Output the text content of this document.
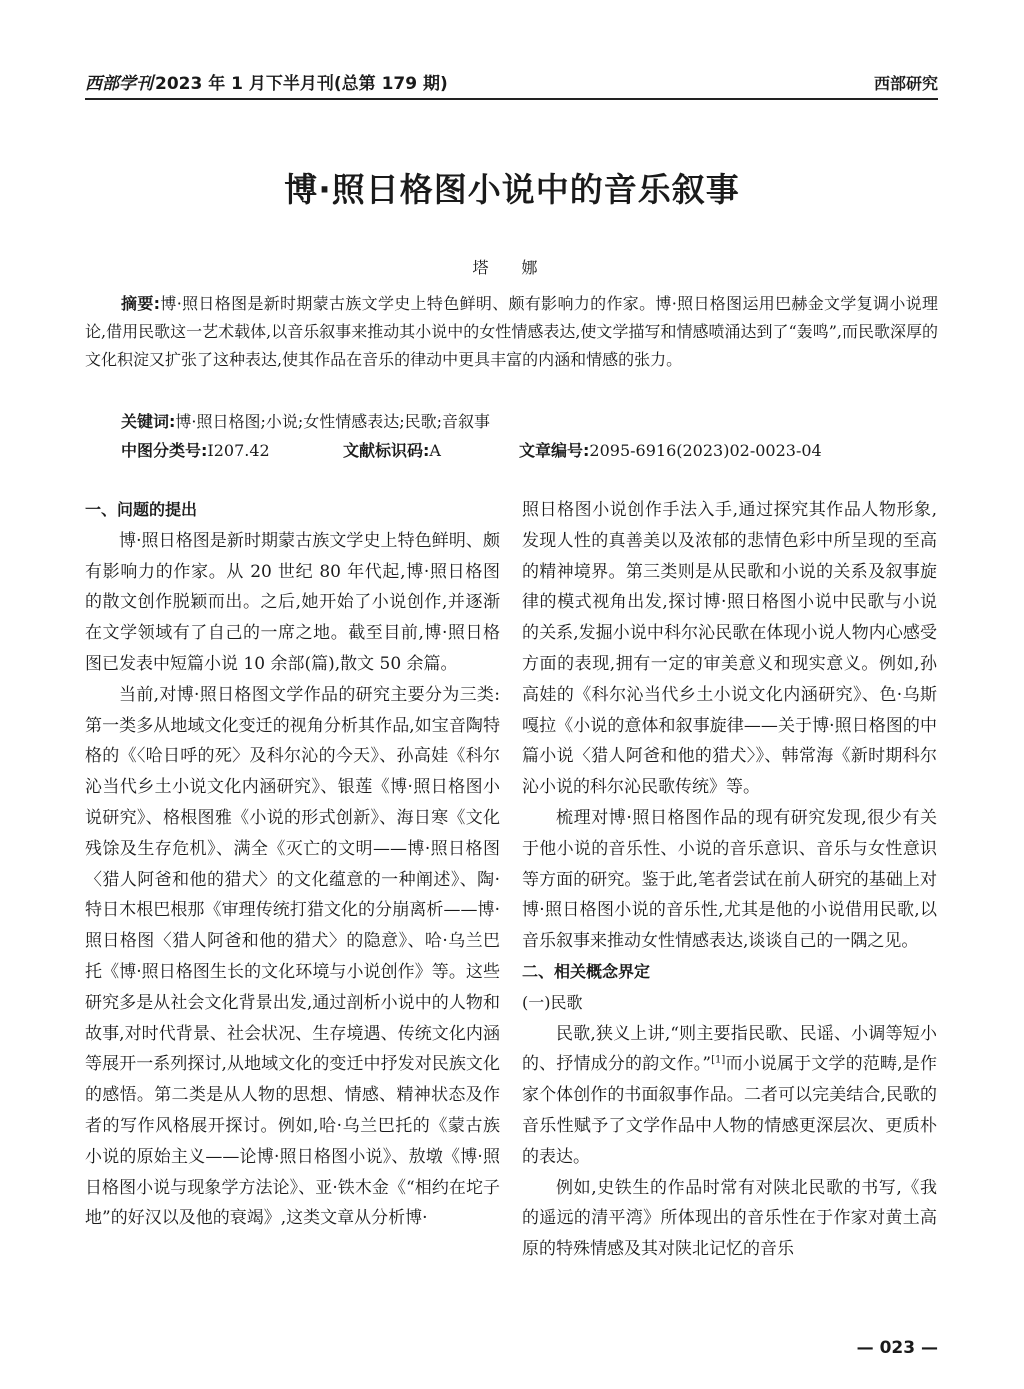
西部学刊 2023 年 1 月下半月刊(总第 179 期)	西部研究
博·照日格图小说中的音乐叙事
塔 娜
摘要:博·照日格图是新时期蒙古族文学史上特色鲜明、颇有影响力的作家。博·照日格图运用巴赫金文学复调小说理论,借用民歌这一艺术载体,以音乐叙事来推动其小说中的女性情感表达,使文学描写和情感喷涌达到了“轰鸣”,而民歌深厚的文化积淀又扩张了这种表达,使其作品在音乐的律动中更具丰富的内涵和情感的张力。
关键词:博·照日格图;小说;女性情感表达;民歌;音叙事
中图分类号:I207.42	文献标识码:A	文章编号:2095-6916(2023)02-0023-04

一、问题的提出

博·照日格图是新时期蒙古族文学史上特色鲜明、颇有影响力的作家。从 20 世纪 80 年代起,博·照日格图的散文创作脱颖而出。之后,她开始了小说创作,并逐渐在文学领域有了自己的一席之地。截至目前,博·照日格图已发表中短篇小说 10 余部(篇),散文 50 余篇。

当前,对博·照日格图文学作品的研究主要分为三类:第一类多从地域文化变迁的视角分析其作品,如宝音陶特格的《〈哈日呼的死〉及科尔沁的今天》、孙高娃《科尔沁当代乡土小说文化内涵研究》、银莲《博·照日格图小说研究》、格根图雅《小说的形式创新》、海日寒《文化残馀及生存危机》、满全《灭亡的文明——博·照日格图〈猎人阿爸和他的猎犬〉的文化蕴意的一种阐述》、陶·特日木根巴根那《审理传统打猎文化的分崩离析——博·照日格图〈猎人阿爸和他的猎犬〉的隐意》、哈·乌兰巴托《博·照日格图生长的文化环境与小说创作》等。这些研究多是从社会文化背景出发,通过剖析小说中的人物和故事,对时代背景、社会状况、生存境遇、传统文化内涵等展开一系列探讨,从地域文化的变迁中抒发对民族文化的感悟。第二类是从人物的思想、情感、精神状态及作者的写作风格展开探讨。例如,哈·乌兰巴托的《蒙古族小说的原始主义——论博·照日格图小说》、敖墩《博·照日格图小说与现象学方法论》、亚·铁木金《“相约在坨子地”的好汉以及他的衰竭》,这类文章从分析博·

照日格图小说创作手法入手,通过探究其作品人物形象,发现人性的真善美以及浓郁的悲情色彩中所呈现的至高的精神境界。第三类则是从民歌和小说的关系及叙事旋律的模式视角出发,探讨博·照日格图小说中民歌与小说的关系,发掘小说中科尔沁民歌在体现小说人物内心感受方面的表现,拥有一定的审美意义和现实意义。例如,孙高娃的《科尔沁当代乡土小说文化内涵研究》、色·乌斯嘎拉《小说的意体和叙事旋律——关于博·照日格图的中篇小说〈猎人阿爸和他的猎犬〉》、韩常海《新时期科尔沁小说的科尔沁民歌传统》等。

梳理对博·照日格图作品的现有研究发现,很少有关于他小说的音乐性、小说的音乐意识、音乐与女性意识等方面的研究。鉴于此,笔者尝试在前人研究的基础上对博·照日格图小说的音乐性,尤其是他的小说借用民歌,以音乐叙事来推动女性情感表达,谈谈自己的一隅之见。

二、相关概念界定

(一)民歌

民歌,狭义上讲,“则主要指民歌、民谣、小调等短小的、抒情成分的韵文作。”[1]而小说属于文学的范畴,是作家个体创作的书面叙事作品。二者可以完美结合,民歌的音乐性赋予了文学作品中人物的情感更深层次、更质朴的表达。

例如,史铁生的作品时常有对陕北民歌的书写,《我的遥远的清平湾》所体现出的音乐性在于作家对黄土高原的特殊情感及其对陕北记忆的音乐

— 023 —
